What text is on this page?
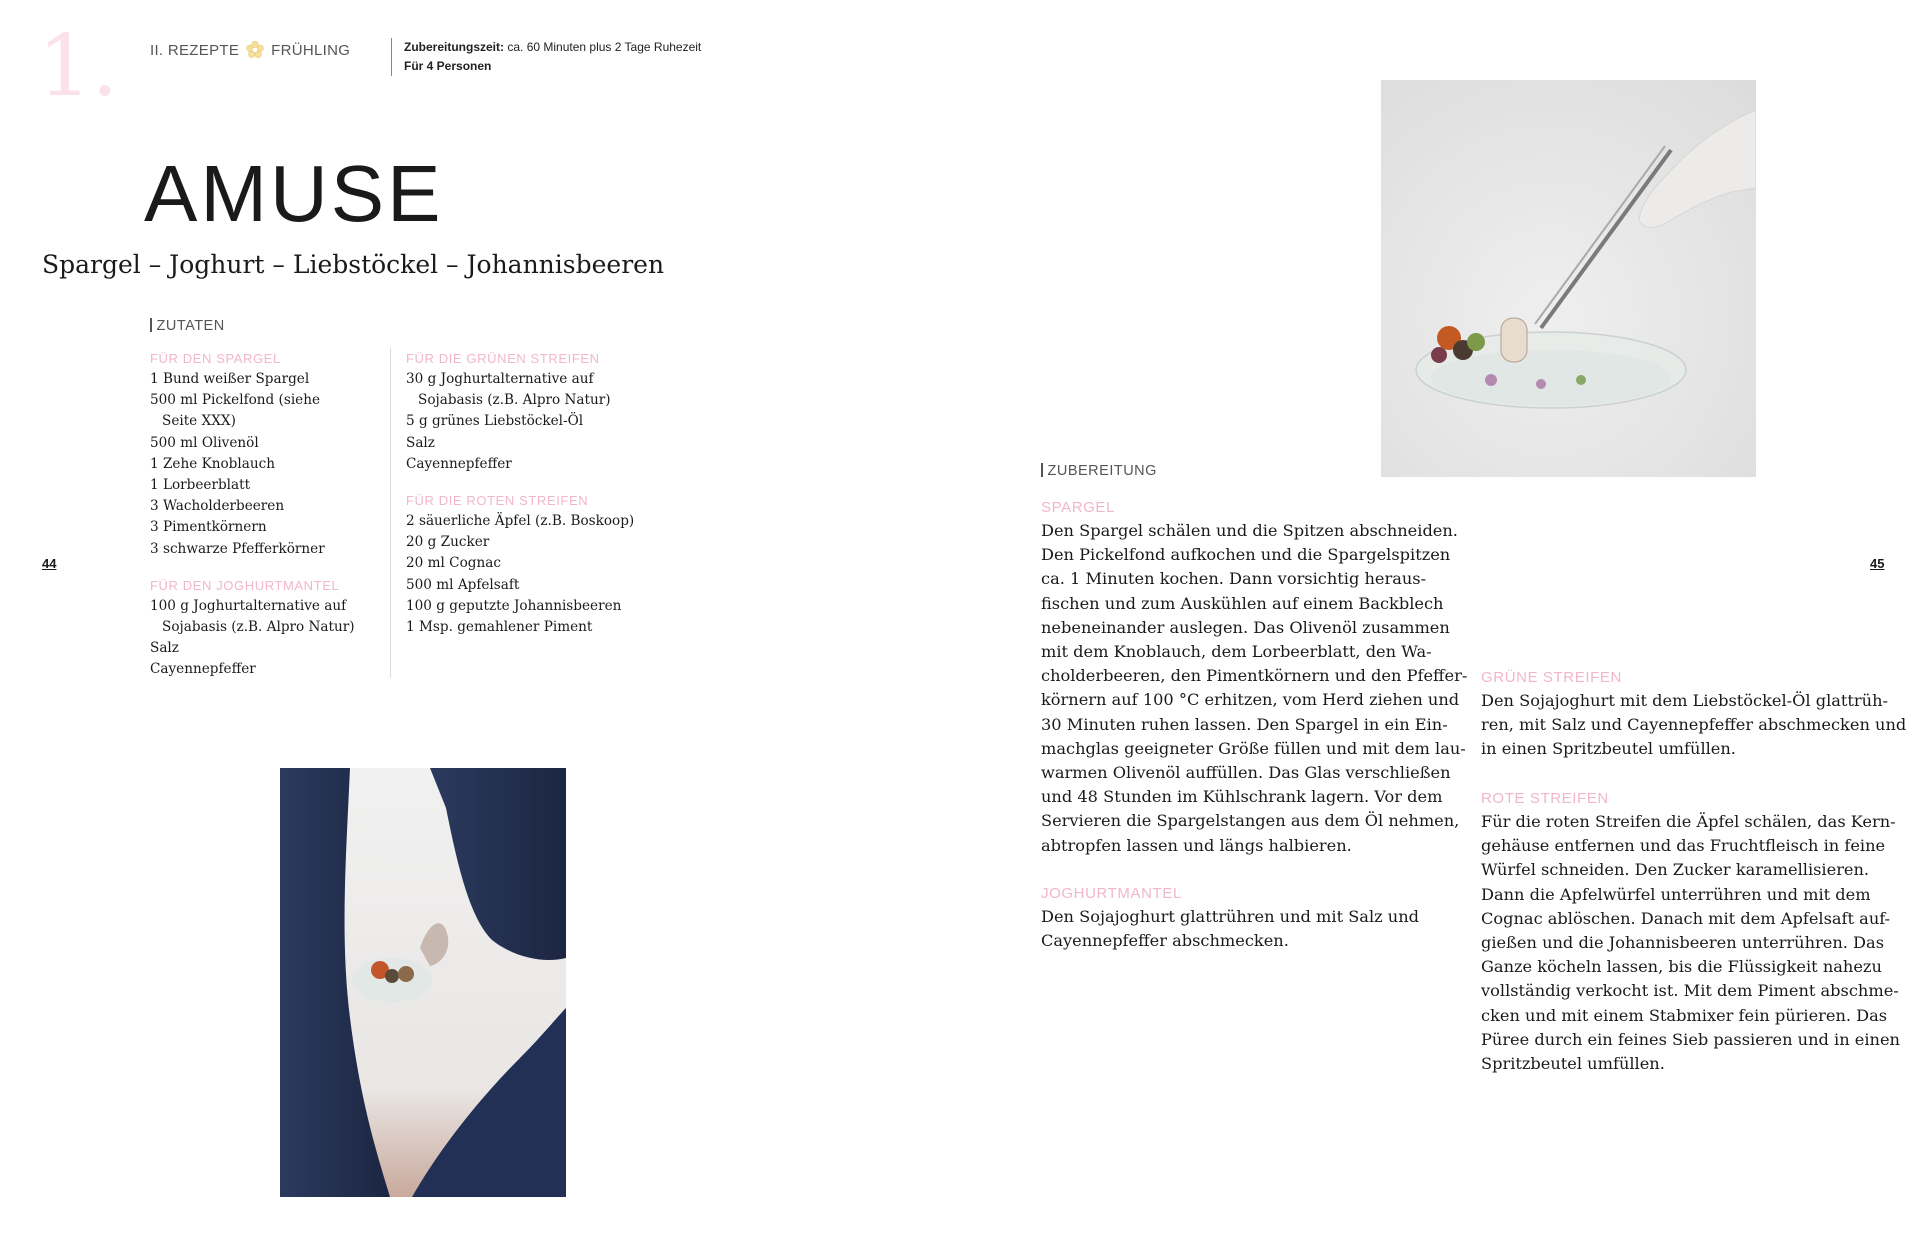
1. II. REZEPTE FRÜHLING	Zubereitungszeit: ca. 60 Minuten plus 2 Tage Ruhezeit
Für 4 Personen
AMUSE
Spargel – Joghurt – Liebstöckel – Johannisbeeren
ZUTATEN
FÜR DEN SPARGEL
1 Bund weißer Spargel
500 ml Pickelfond (siehe
Seite XXX)
500 ml Olivenöl
1 Zehe Knoblauch
1 Lorbeerblatt
3 Wacholderbeeren
3 Pimentkörnern
3 schwarze Pfefferkörner
FÜR DEN JOGHURTMANTEL
100 g Joghurtalternative auf
Sojabasis (z.B. Alpro Natur)
Salz
Cayennepfeffer
FÜR DIE GRÜNEN STREIFEN
30 g Joghurtalternative auf
Sojabasis (z.B. Alpro Natur)
5 g grünes Liebstöckel-Öl
Salz
Cayennepfeffer
FÜR DIE ROTEN STREIFEN
2 säuerliche Äpfel (z.B. Boskoop)
20 g Zucker
20 ml Cognac
500 ml Apfelsaft
100 g geputzte Johannisbeeren
1 Msp. gemahlener Piment
44	45
ZUBEREITUNG
SPARGEL
Den Spargel schälen und die Spitzen abschneiden.
Den Pickelfond aufkochen und die Spargelspitzen
ca. 1 Minuten kochen. Dann vorsichtig heraus-
fischen und zum Auskühlen auf einem Backblech
nebeneinander auslegen. Das Olivenöl zusammen
mit dem Knoblauch, dem Lorbeerblatt, den Wa-
cholderbeeren, den Pimentkörnern und den Pfeffer-
körnern auf 100 °C erhitzen, vom Herd ziehen und
30 Minuten ruhen lassen. Den Spargel in ein Ein-
machglas geeigneter Größe füllen und mit dem lau-
warmen Olivenöl auffüllen. Das Glas verschließen
und 48 Stunden im Kühlschrank lagern. Vor dem
Servieren die Spargelstangen aus dem Öl nehmen,
abtropfen lassen und längs halbieren.
JOGHURTMANTEL
Den Sojajoghurt glattrühren und mit Salz und
Cayennepfeffer abschmecken.
GRÜNE STREIFEN
Den Sojajoghurt mit dem Liebstöckel-Öl glattrüh-
ren, mit Salz und Cayennepfeffer abschmecken und
in einen Spritzbeutel umfüllen.
ROTE STREIFEN
Für die roten Streifen die Äpfel schälen, das Kern-
gehäuse entfernen und das Fruchtfleisch in feine
Würfel schneiden. Den Zucker karamellisieren.
Dann die Apfelwürfel unterrühren und mit dem
Cognac ablöschen. Danach mit dem Apfelsaft auf-
gießen und die Johannisbeeren unterrühren. Das
Ganze köcheln lassen, bis die Flüssigkeit nahezu
vollständig verkocht ist. Mit dem Piment abschme-
cken und mit einem Stabmixer fein pürieren. Das
Püree durch ein feines Sieb passieren und in einen
Spritzbeutel umfüllen.
